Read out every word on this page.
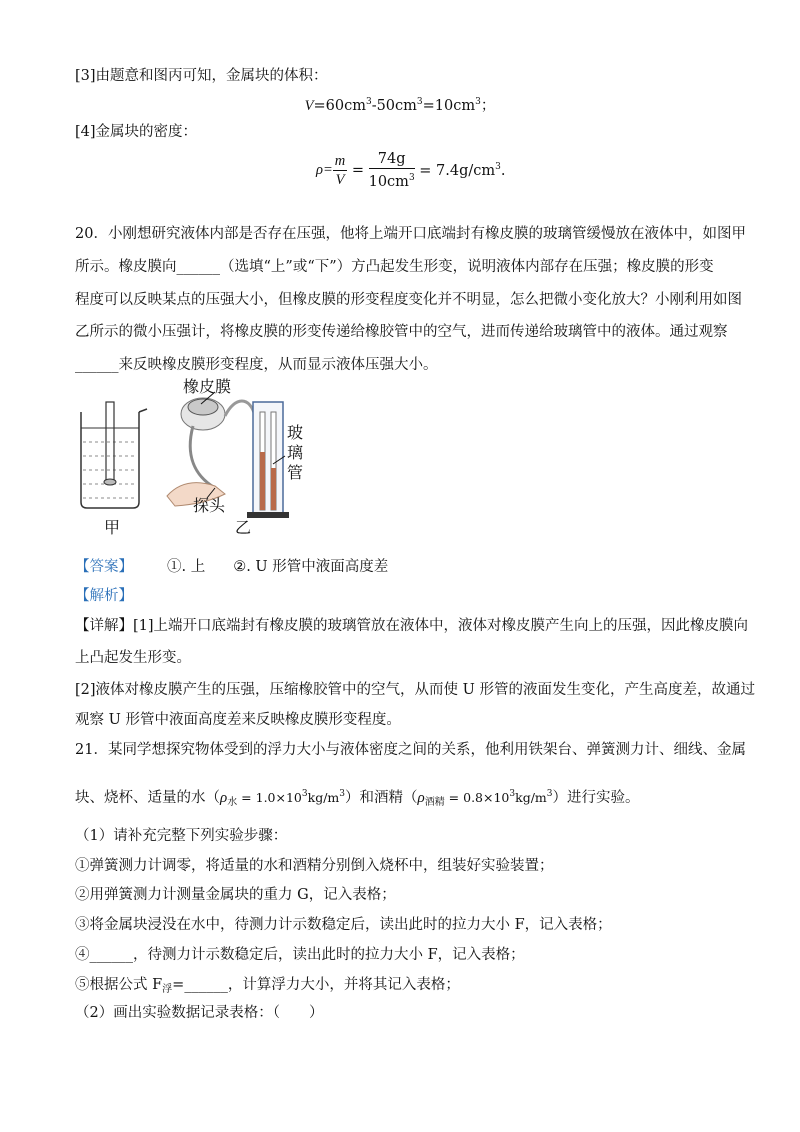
[3]由题意和图丙可知，金属块的体积：
$V=60cm^3-50cm^3=10cm^3$；
[4]金属块的密度：
$\rho= \frac{m}{V} = \frac{74g}{10cm^3} = 7.4g/cm^3$.
20．小刚想研究液体内部是否存在压强，他将上端开口底端封有橡皮膜的玻璃管缓慢放在液体中，如图甲
所示。橡皮膜向______（选填“上”或“下”）方凸起发生形变，说明液体内部存在压强；橡皮膜的形变
程度可以反映某点的压强大小，但橡皮膜的形变程度变化并不明显，怎么把微小变化放大？小刚利用如图
乙所示的微小压强计，将橡皮膜的形变传递给橡胶管中的空气，进而传递给玻璃管中的液体。通过观察
______来反映橡皮膜形变程度，从而显示液体压强大小。
橡皮膜
玻
璃
管
探头
甲	乙
【答案】 ①. 上 ②. U 形管中液面高度差
【解析】
【详解】[1]上端开口底端封有橡皮膜的玻璃管放在液体中，液体对橡皮膜产生向上的压强，因此橡皮膜向
上凸起发生形变。
[2]液体对橡皮膜产生的压强，压缩橡胶管中的空气，从而使 U 形管的液面发生变化，产生高度差，故通过
观察 U 形管中液面高度差来反映橡皮膜形变程度。
21．某同学想探究物体受到的浮力大小与液体密度之间的关系，他利用铁架台、弹簧测力计、细线、金属
块、烧杯、适量的水$(\rho_水 = 1.0\times 10^3kg/m^3)$和酒精$(\rho_{酒精} = 0.8\times 10^3kg/m^3)$进行实验。
（1）请补充完整下列实验步骤：
①弹簧测力计调零，将适量的水和酒精分别倒入烧杯中，组装好实验装置；
②用弹簧测力计测量金属块的重力 G，记入表格；
③将金属块浸没在水中，待测力计示数稳定后，读出此时的拉力大小 F，记入表格；
④______，待测力计示数稳定后，读出此时的拉力大小 F，记入表格；
⑤根据公式 $F_浮=\_\_\_\_\_\_$，计算浮力大小，并将其记入表格；
（2）画出实验数据记录表格：（　　）
